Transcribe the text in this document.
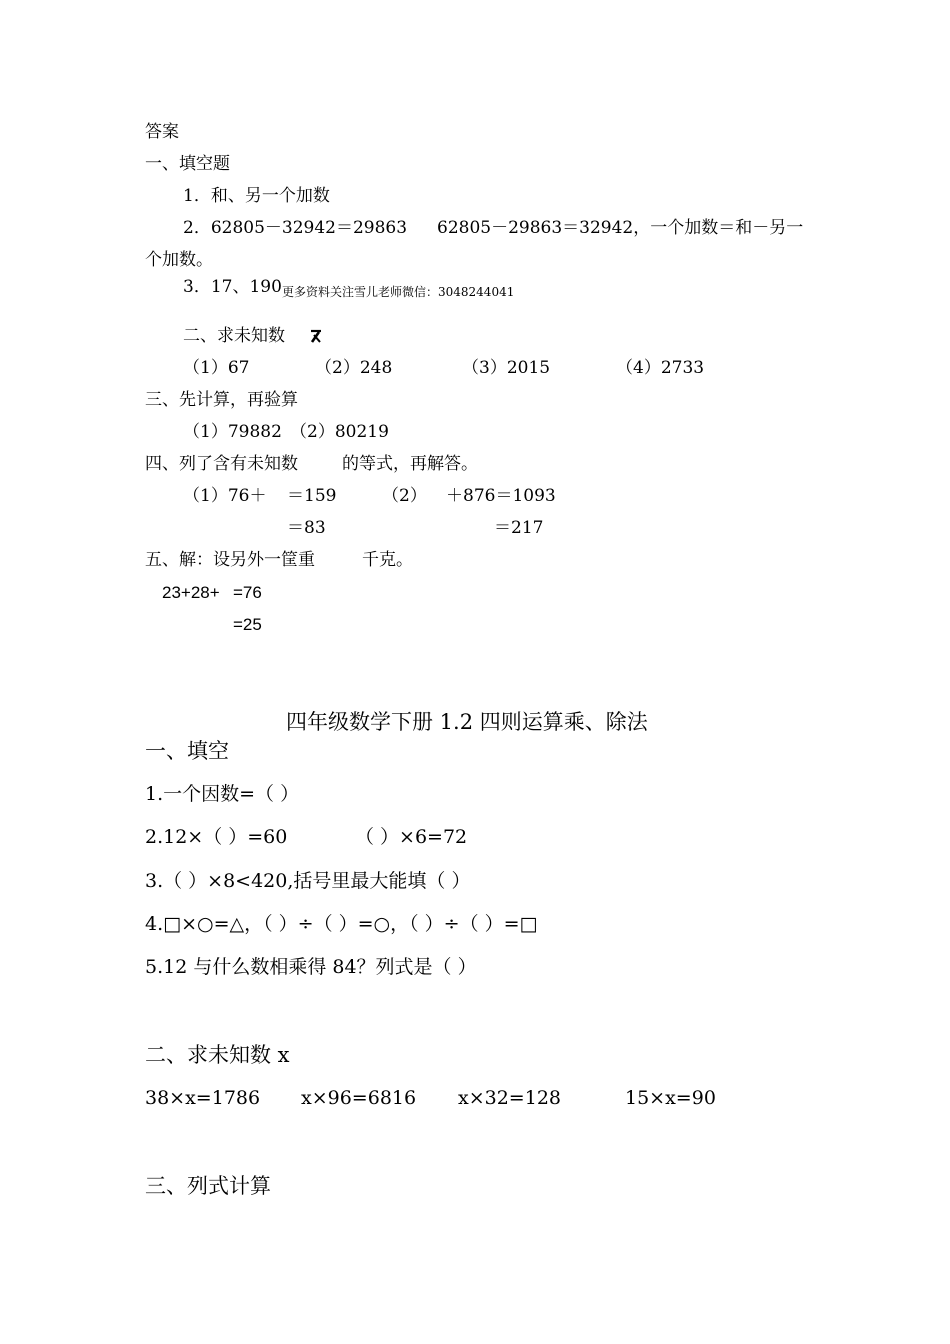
答案
一、填空题
1．和、另一个加数
2．62805－32942＝29863 62805－29863＝32942，一个加数＝和－另一
个加数。
3．17、190 更多资料关注雪儿老师微信：3048244041
二、求未知数
（1）67	（2）248	（3）2015	（4）2733
三、先计算，再验算
（1）79882 （2）80219
四、列了含有未知数	的等式，再解答。
（1）76＋ ＝159	（2） ＋876＝1093
＝83	＝217
五、解：设另外一筐重	千克。
23+28+ =76
=25
四年级数学下册 1.2 四则运算乘、除法
一、填空
1.一个因数=（ ）
2.12×（ ）=60	（ ）×6=72
3.（ ）×8<420,括号里最大能填（ ）
4.□×○=△，（ ）÷（ ）=○，（ ）÷（ ）=□
5.12 与什么数相乘得 84？列式是（ ）
二、求未知数 x
38×x=1786 x×96=6816 x×32=128	15×x=90
三、列式计算
